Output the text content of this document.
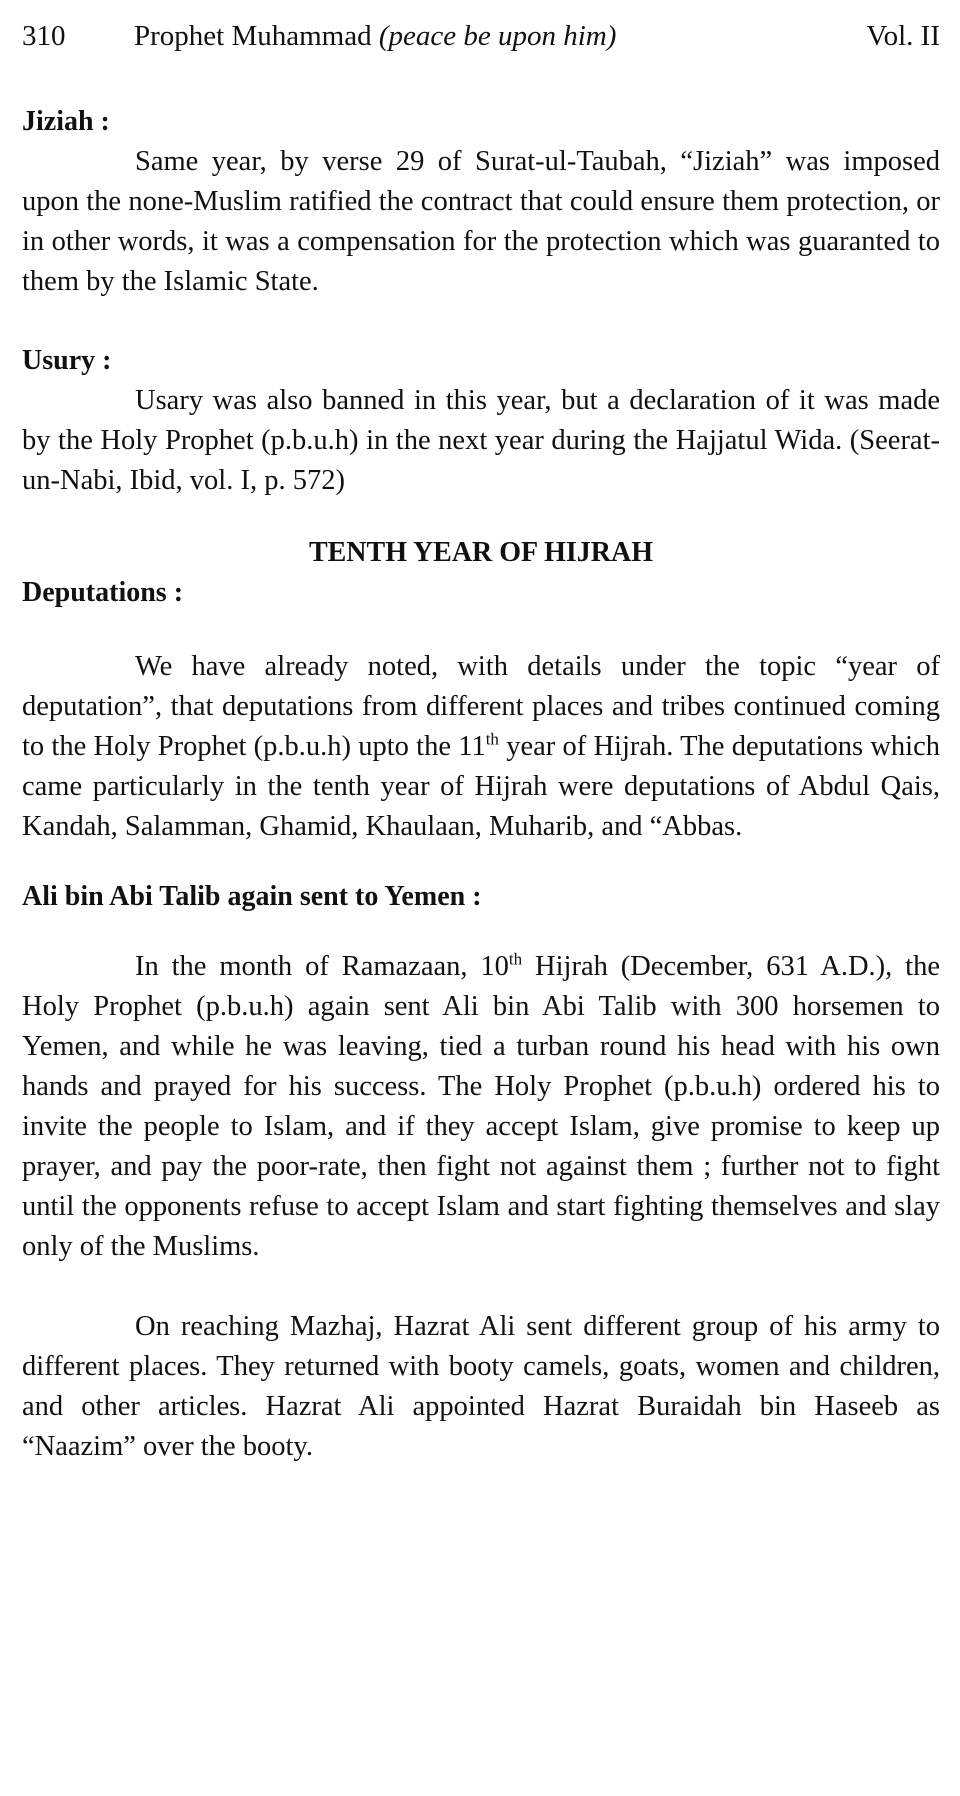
310 Prophet Muhammad (peace be upon him)	Vol. II
Jiziah :

Same year, by verse 29 of Surat-ul-Taubah, “Jiziah” was imposed upon the none-Muslim ratified the contract that could ensure them protection, or in other words, it was a compensation for the protection which was guaranted to them by the Islamic State.

Usury :

Usary was also banned in this year, but a declaration of it was made by the Holy Prophet (p.b.u.h) in the next year during the Hajjatul Wida. (Seerat-un-Nabi, Ibid, vol. I, p. 572)

TENTH YEAR OF HIJRAH
Deputations :

We have already noted, with details under the topic “year of deputation”, that deputations from different places and tribes continued coming to the Holy Prophet (p.b.u.h) upto the 11th year of Hijrah. The deputations which came particularly in the tenth year of Hijrah were deputations of Abdul Qais, Kandah, Salamman, Ghamid, Khaulaan, Muharib, and “Abbas.

Ali bin Abi Talib again sent to Yemen :

In the month of Ramazaan, 10th Hijrah (December, 631 A.D.), the Holy Prophet (p.b.u.h) again sent Ali bin Abi Talib with 300 horsemen to Yemen, and while he was leaving, tied a turban round his head with his own hands and prayed for his success. The Holy Prophet (p.b.u.h) ordered his to invite the people to Islam, and if they accept Islam, give promise to keep up prayer, and pay the poor-rate, then fight not against them ; further not to fight until the opponents refuse to accept Islam and start fighting themselves and slay only of the Muslims.

On reaching Mazhaj, Hazrat Ali sent different group of his army to different places. They returned with booty camels, goats, women and children, and other articles. Hazrat Ali appointed Hazrat Buraidah bin Haseeb as “Naazim” over the booty.
